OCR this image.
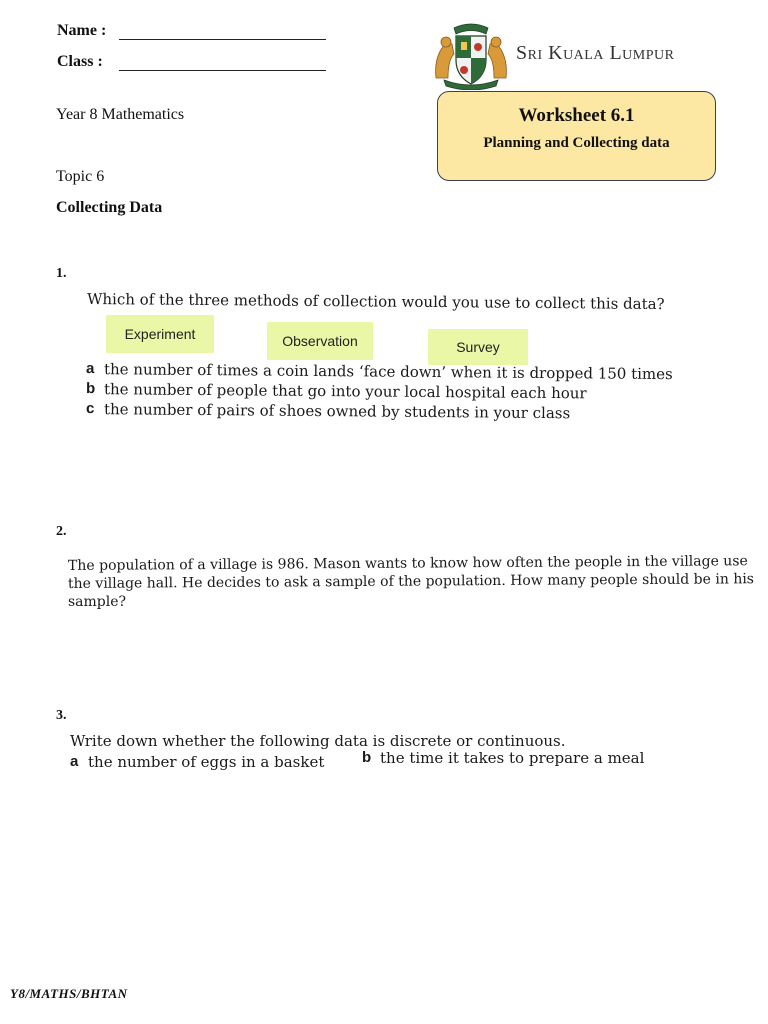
Name :
Class :
Year 8 Mathematics
Topic 6
Collecting Data
Sri Kuala Lumpur
Worksheet 6.1
Planning and Collecting data
1.
Which of the three methods of collection would you use to collect this data?
Experiment	Observation	Survey
a the number of times a coin lands ‘face down’ when it is dropped 150 times
b the number of people that go into your local hospital each hour
c the number of pairs of shoes owned by students in your class
2.
The population of a village is 986. Mason wants to know how often the people in the village use
the village hall. He decides to ask a sample of the population. How many people should be in his
sample?
3.
Write down whether the following data is discrete or continuous.
a the number of eggs in a basket	b the time it takes to prepare a meal
Y8/MATHS/BHTAN
